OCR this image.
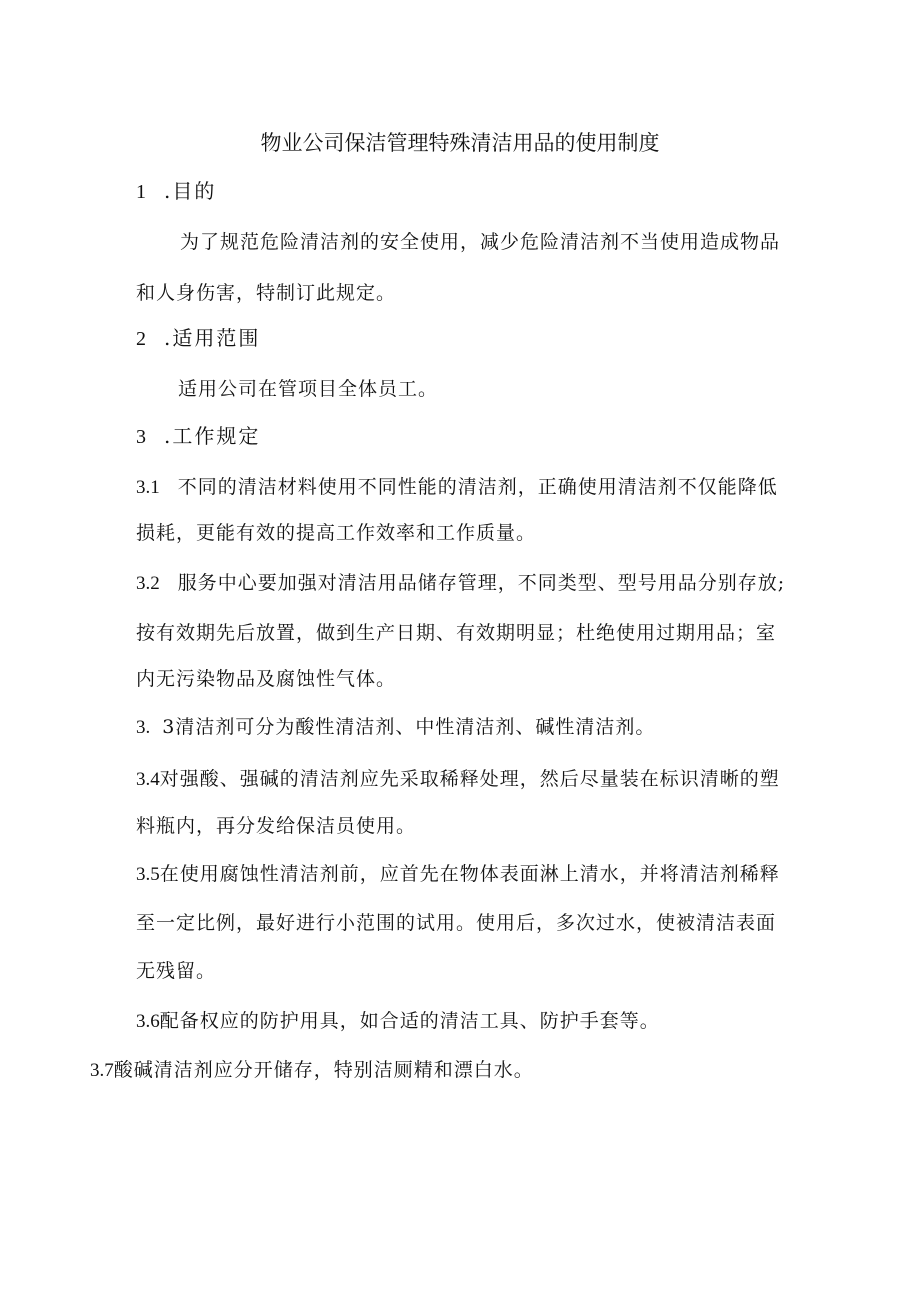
物业公司保洁管理特殊清洁用品的使用制度
1 .目的
为了规范危险清洁剂的安全使用，减少危险清洁剂不当使用造成物品
和人身伤害，特制订此规定。
2 .适用范围
适用公司在管项目全体员工。
3 .工作规定
3.1 不同的清洁材料使用不同性能的清洁剂，正确使用清洁剂不仅能降低
损耗，更能有效的提高工作效率和工作质量。
3.2 服务中心要加强对清洁用品储存管理，不同类型、型号用品分别存放;
按有效期先后放置，做到生产日期、有效期明显；杜绝使用过期用品；室
内无污染物品及腐蚀性气体。
3. 3清洁剂可分为酸性清洁剂、中性清洁剂、碱性清洁剂。
3.4对强酸、强碱的清洁剂应先采取稀释处理，然后尽量装在标识清晰的塑
料瓶内，再分发给保洁员使用。
3.5在使用腐蚀性清洁剂前，应首先在物体表面淋上清水，并将清洁剂稀释
至一定比例，最好进行小范围的试用。使用后，多次过水，使被清洁表面
无残留。
3.6配备权应的防护用具，如合适的清洁工具、防护手套等。
3.7酸碱清洁剂应分开储存，特别洁厕精和漂白水。
